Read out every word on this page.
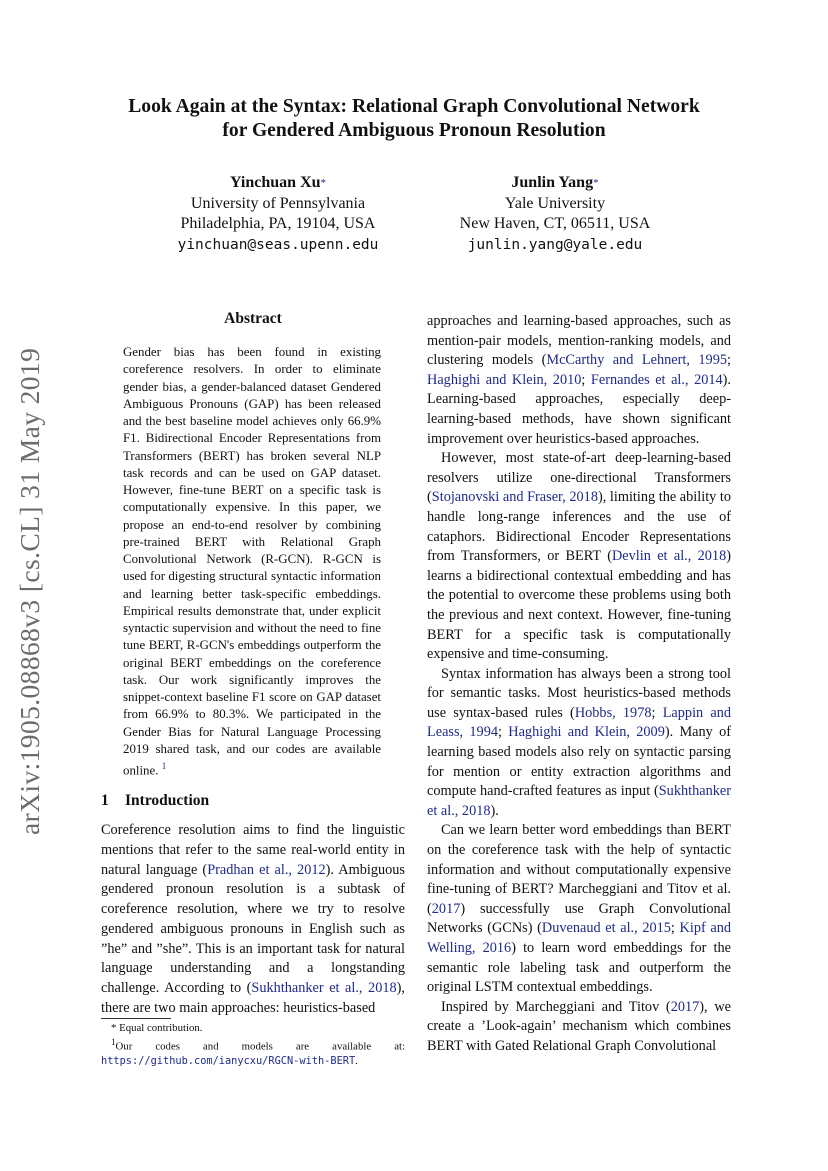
arXiv:1905.08868v3 [cs.CL] 31 May 2019
Look Again at the Syntax: Relational Graph Convolutional Network
for Gendered Ambiguous Pronoun Resolution
Yinchuan Xu*
University of Pennsylvania
Philadelphia, PA, 19104, USA
yinchuan@seas.upenn.edu
Junlin Yang*
Yale University
New Haven, CT, 06511, USA
junlin.yang@yale.edu
Abstract
Gender bias has been found in existing coreference resolvers. In order to eliminate gender bias, a gender-balanced dataset Gendered Ambiguous Pronouns (GAP) has been released and the best baseline model achieves only 66.9% F1. Bidirectional Encoder Representations from Transformers (BERT) has broken several NLP task records and can be used on GAP dataset. However, fine-tune BERT on a specific task is computationally expensive. In this paper, we propose an end-to-end resolver by combining pre-trained BERT with Relational Graph Convolutional Network (R-GCN). R-GCN is used for digesting structural syntactic information and learning better task-specific embeddings. Empirical results demonstrate that, under explicit syntactic supervision and without the need to fine tune BERT, R-GCN's embeddings outperform the original BERT embeddings on the coreference task. Our work significantly improves the snippet-context baseline F1 score on GAP dataset from 66.9% to 80.3%. We participated in the Gender Bias for Natural Language Processing 2019 shared task, and our codes are available online. $^1$
1 Introduction
Coreference resolution aims to find the linguistic mentions that refer to the same real-world entity in natural language (Pradhan et al., 2012). Ambiguous gendered pronoun resolution is a subtask of coreference resolution, where we try to resolve gendered ambiguous pronouns in English such as ”he” and ”she”. This is an important task for natural language understanding and a longstanding challenge. According to (Sukhthanker et al., 2018), there are two main approaches: heuristics-based
* Equal contribution.
$^1$Our codes and models are available at: https://github.com/ianycxu/RGCN-with-BERT.

approaches and learning-based approaches, such as mention-pair models, mention-ranking models, and clustering models (McCarthy and Lehnert, 1995; Haghighi and Klein, 2010; Fernandes et al., 2014). Learning-based approaches, especially deep-learning-based methods, have shown significant improvement over heuristics-based approaches.

However, most state-of-art deep-learning-based resolvers utilize one-directional Transformers (Stojanovski and Fraser, 2018), limiting the ability to handle long-range inferences and the use of cataphors. Bidirectional Encoder Representations from Transformers, or BERT (Devlin et al., 2018) learns a bidirectional contextual embedding and has the potential to overcome these problems using both the previous and next context. However, fine-tuning BERT for a specific task is computationally expensive and time-consuming.

Syntax information has always been a strong tool for semantic tasks. Most heuristics-based methods use syntax-based rules (Hobbs, 1978; Lappin and Leass, 1994; Haghighi and Klein, 2009). Many of learning based models also rely on syntactic parsing for mention or entity extraction algorithms and compute hand-crafted features as input (Sukhthanker et al., 2018).

Can we learn better word embeddings than BERT on the coreference task with the help of syntactic information and without computationally expensive fine-tuning of BERT? Marcheggiani and Titov et al. (2017) successfully use Graph Convolutional Networks (GCNs) (Duvenaud et al., 2015; Kipf and Welling, 2016) to learn word embeddings for the semantic role labeling task and outperform the original LSTM contextual embeddings.

Inspired by Marcheggiani and Titov (2017), we create a ’Look-again’ mechanism which combines BERT with Gated Relational Graph Convolutional
